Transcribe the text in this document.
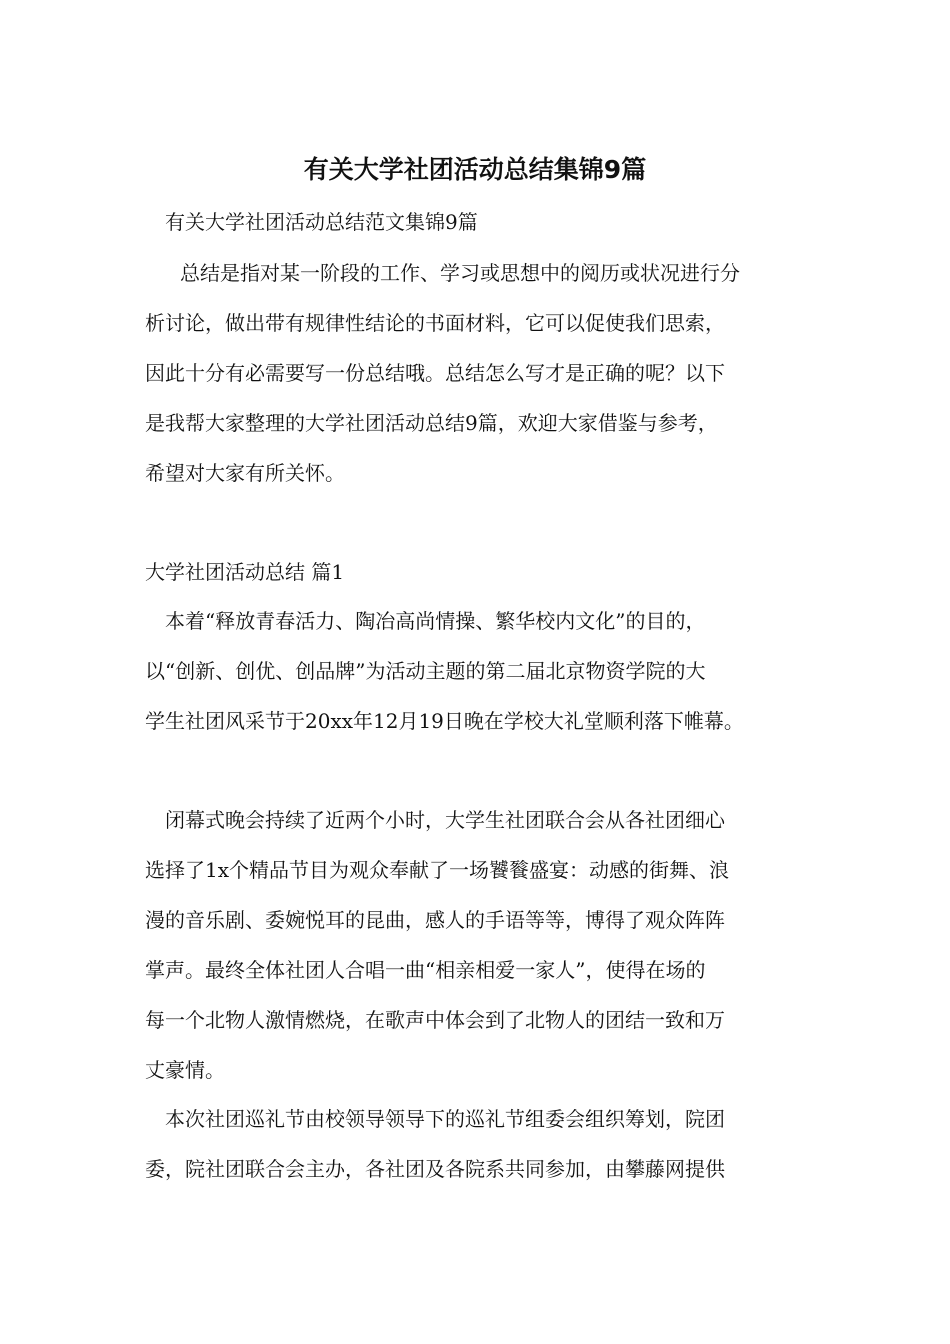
有关大学社团活动总结集锦9篇

有关大学社团活动总结范文集锦9篇

总结是指对某一阶段的工作、学习或思想中的阅历或状况进行分

析讨论，做出带有规律性结论的书面材料，它可以促使我们思索，

因此十分有必需要写一份总结哦。总结怎么写才是正确的呢？以下

是我帮大家整理的大学社团活动总结9篇，欢迎大家借鉴与参考，

希望对大家有所关怀。

大学社团活动总结 篇1

本着“释放青春活力、陶冶高尚情操、繁华校内文化”的目的，

以“创新、创优、创品牌”为活动主题的第二届北京物资学院的大

学生社团风采节于20xx年12月19日晚在学校大礼堂顺利落下帷幕。

闭幕式晚会持续了近两个小时，大学生社团联合会从各社团细心

选择了1x个精品节目为观众奉献了一场饕餮盛宴：动感的街舞、浪

漫的音乐剧、委婉悦耳的昆曲，感人的手语等等，博得了观众阵阵

掌声。最终全体社团人合唱一曲“相亲相爱一家人”，使得在场的

每一个北物人激情燃烧，在歌声中体会到了北物人的团结一致和万

丈豪情。

本次社团巡礼节由校领导领导下的巡礼节组委会组织筹划，院团

委，院社团联合会主办，各社团及各院系共同参加，由攀藤网提供
